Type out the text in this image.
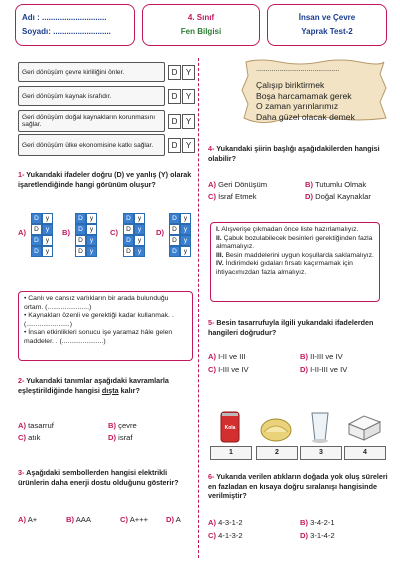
Adı : .............................
Soyadı: ..........................
4. Sınıf
Fen Bilgisi
İnsan ve Çevre
Yaprak Test-2
Geri dönüşüm çevre kirliliğini önler.	D	Y
Geri dönüşüm kaynak israfıdır.	D	Y
Geri dönüşüm doğal kaynakların korunmasını sağlar.	D	Y
Geri dönüşüm ülke ekonomisine katkı sağlar.	D	Y
1- Yukarıdaki ifadeler doğru (D) ve yanlış (Y) olarak işaretlendiğinde hangi görünüm oluşur?
A)
D	y
D	y
D	y
D	y
B)
D	y
D	y
D	y
D	y
C)
D	y
D	y
D	y
D	y
D)
D	y
D	y
D	y
D	y
• Canlı ve cansız varlıkların bir arada bulunduğu ortam. (......................)
• Kaynakları özenli ve gerektiği kadar kullanmak. . (.......................)
• İnsan etkinlikleri sonucu işe yaramaz hâle gelen maddeler. . (......................)
2- Yukarıdaki tanımlar aşağıdaki kavramlarla eşleştirildiğinde hangisi dışta kalır?
A) tasarruf	B) çevre
C) atık	D) israf
3- Aşağıdaki sembollerden hangisi elektrikli ürünlerin daha enerji dostu olduğunu gösterir?
A) A+	B) AAA	C) A+++ D) A
...........................................
Çalışıp biriktirmek
Boşa harcamamak gerek
O zaman yarınlarımız
Daha güzel olacak demek
4- Yukarıdaki şiirin başlığı aşağıdakilerden hangisi olabilir?
A) Geri Dönüşüm	B) Tutumlu Olmak
C) İsraf Etmek	D) Doğal Kaynaklar
I. Alışverişe çıkmadan önce liste hazırlamalıyız.
II. Çabuk bozulabilecek besinleri gerektiğinden fazla almamalıyız.
III. Besin maddelerini uygun koşullarda saklamalıyız.
IV. İndirimdeki gıdaları fırsatı kaçırmamak için ihtiyacımızdan fazla almalıyız.
5- Besin tasarrufuyla ilgili yukarıdaki ifadelerden hangileri doğrudur?
A) I-II ve III	B) II-III ve IV
C) I-III ve IV	D) I-II-III ve IV
Kola
1	2	3	4
6- Yukarıda verilen atıkların doğada yok oluş süreleri en fazladan en kısaya doğru sıralanışı hangisinde verilmiştir?
A) 4-3-1-2	B) 3-4-2-1
C) 4-1-3-2	D) 3-1-4-2
